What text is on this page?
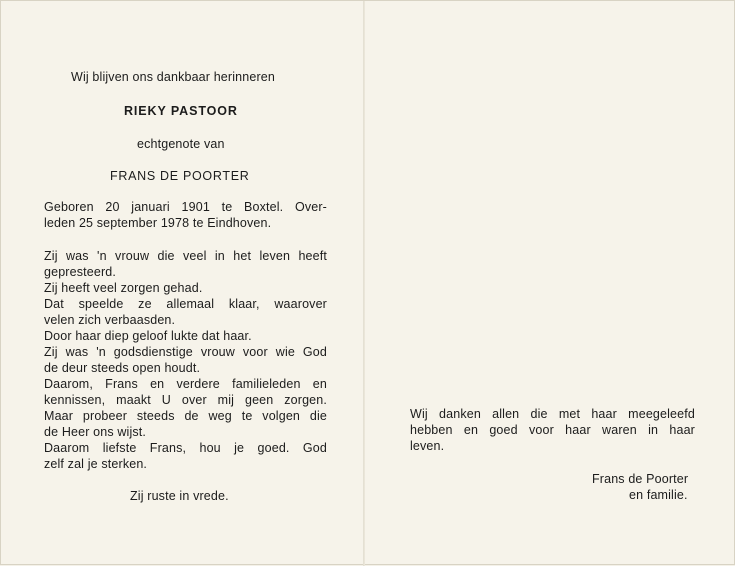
Wij blijven ons dankbaar herinneren
RIEKY PASTOOR
echtgenote van
FRANS DE POORTER
Geboren 20 januari 1901 te Boxtel. Over-
leden 25 september 1978 te Eindhoven.
Zij was 'n vrouw die veel in het leven heeft
gepresteerd.
Zij heeft veel zorgen gehad.
Dat speelde ze allemaal klaar, waarover
velen zich verbaasden.
Door haar diep geloof lukte dat haar.
Zij was 'n godsdienstige vrouw voor wie God
de deur steeds open houdt.
Daarom, Frans en verdere familieleden en
kennissen, maakt U over mij geen zorgen.
Maar probeer steeds de weg te volgen die
de Heer ons wijst.
Daarom liefste Frans, hou je goed. God
zelf zal je sterken.
Zij ruste in vrede.
Wij danken allen die met haar meegeleefd
hebben en goed voor haar waren in haar
leven.
Frans de Poorter
en familie.
